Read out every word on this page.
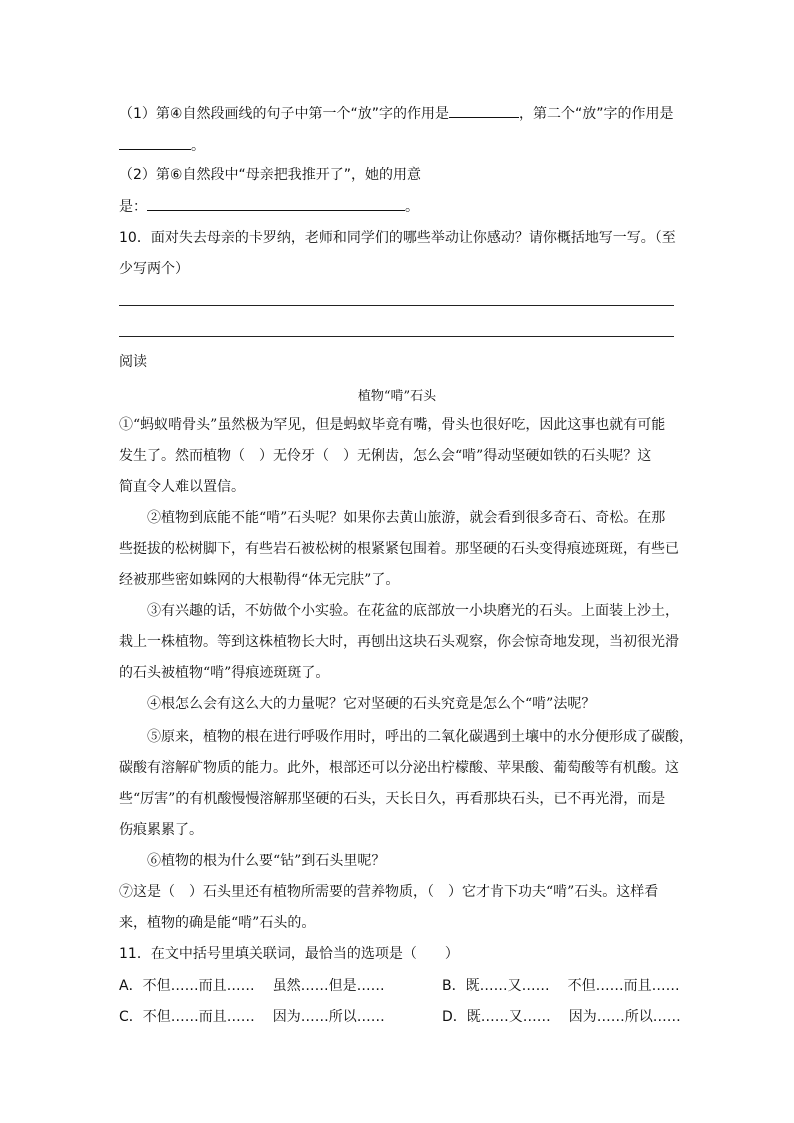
（1）第④自然段画线的句子中第一个“放”字的作用是	，第二个“放”字的作用是
。
（2）第⑥自然段中“母亲把我推开了”，她的用意
是：	。
10．面对失去母亲的卡罗纳，老师和同学们的哪些举动让你感动？请你概括地写一写。（至
少写两个）
阅读
植物“啃”石头
①“蚂蚁啃骨头”虽然极为罕见，但是蚂蚁毕竟有嘴，骨头也很好吃，因此这事也就有可能
发生了。然而植物（　）无伶牙（　）无俐齿，怎么会“啃”得动坚硬如铁的石头呢？这
简直令人难以置信。
　　②植物到底能不能“啃”石头呢？如果你去黄山旅游，就会看到很多奇石、奇松。在那
些挺拔的松树脚下，有些岩石被松树的根紧紧包围着。那坚硬的石头变得痕迹斑斑，有些已
经被那些密如蛛网的大根勒得“体无完肤”了。
　　③有兴趣的话，不妨做个小实验。在花盆的底部放一小块磨光的石头。上面装上沙土，
栽上一株植物。等到这株植物长大时，再刨出这块石头观察，你会惊奇地发现，当初很光滑
的石头被植物“啃”得痕迹斑斑了。
　　④根怎么会有这么大的力量呢？它对坚硬的石头究竟是怎么个“啃”法呢？
　　⑤原来，植物的根在进行呼吸作用时，呼出的二氧化碳遇到土壤中的水分便形成了碳酸，
碳酸有溶解矿物质的能力。此外，根部还可以分泌出柠檬酸、苹果酸、葡萄酸等有机酸。这
些“厉害”的有机酸慢慢溶解那坚硬的石头，天长日久，再看那块石头，已不再光滑，而是
伤痕累累了。
　　⑥植物的根为什么要“钻”到石头里呢？
⑦这是（　）石头里还有植物所需要的营养物质，（　）它才肯下功夫“啃”石头。这样看
来，植物的确是能“啃”石头的。
11．在文中括号里填关联词，最恰当的选项是（　　）
A．不但……而且…… 虽然……但是……	B．既……又…… 不但……而且……
C．不但……而且…… 因为……所以……	D．既……又…… 因为……所以……
